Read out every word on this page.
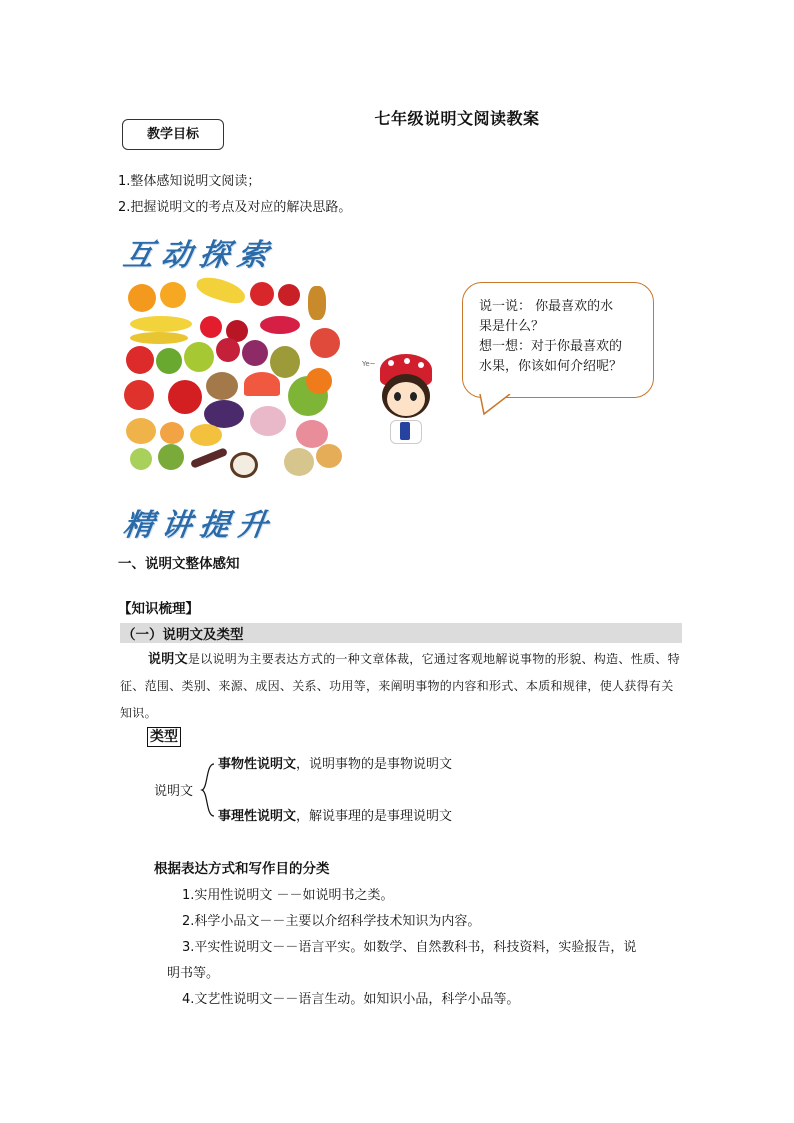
七年级说明文阅读教案
教学目标
1.整体感知说明文阅读；
2.把握说明文的考点及对应的解决思路。
互动探索
Ye~
说一说： 你最喜欢的水
果是什么？
想一想：对于你最喜欢的
水果，你该如何介绍呢？
精讲提升
一、说明文整体感知
【知识梳理】
（一）说明文及类型
说明文是以说明为主要表达方式的一种文章体裁，它通过客观地解说事物的形貌、构造、性质、特征、范围、类别、来源、成因、关系、功用等，来阐明事物的内容和形式、本质和规律，使人获得有关知识。
类型
说明文
事物性说明文，说明事物的是事物说明文
事理性说明文，解说事理的是事理说明文
根据表达方式和写作目的分类
1.实用性说明文 －－如说明书之类。
2.科学小品文－－主要以介绍科学技术知识为内容。
3.平实性说明文－－语言平实。如数学、自然教科书，科技资料，实验报告，说
明书等。
4.文艺性说明文－－语言生动。如知识小品，科学小品等。
